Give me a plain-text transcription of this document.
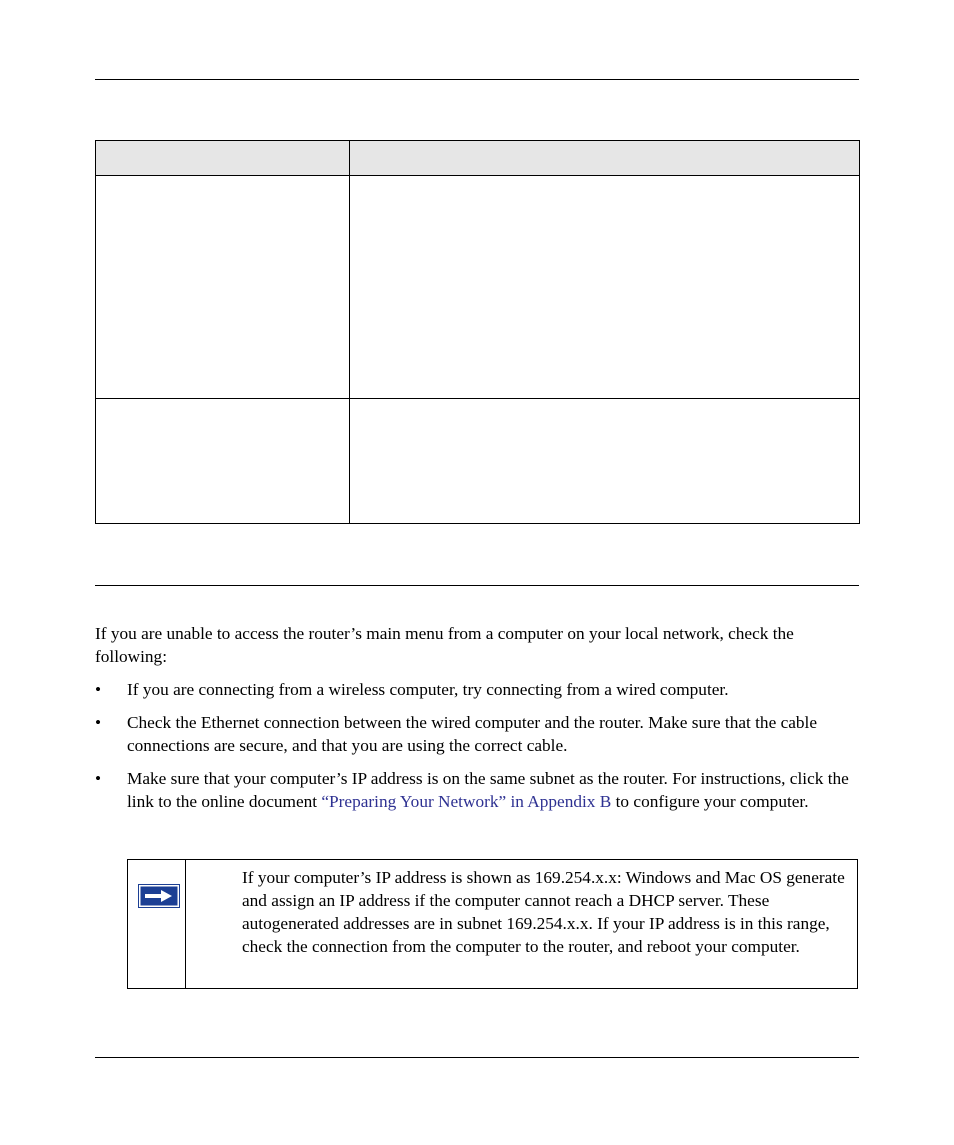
If you are unable to access the router’s main menu from a computer on your local network, check the following:

•	If you are connecting from a wireless computer, try connecting from a wired computer.
•	Check the Ethernet connection between the wired computer and the router. Make sure that the cable connections are secure, and that you are using the correct cable.
•	Make sure that your computer’s IP address is on the same subnet as the router. For instructions, click the link to the online document “Preparing Your Network” in Appendix B to configure your computer.

If your computer’s IP address is shown as 169.254.x.x: Windows and Mac OS generate and assign an IP address if the computer cannot reach a DHCP server. These autogenerated addresses are in subnet 169.254.x.x. If your IP address is in this range, check the connection from the computer to the router, and reboot your computer.
